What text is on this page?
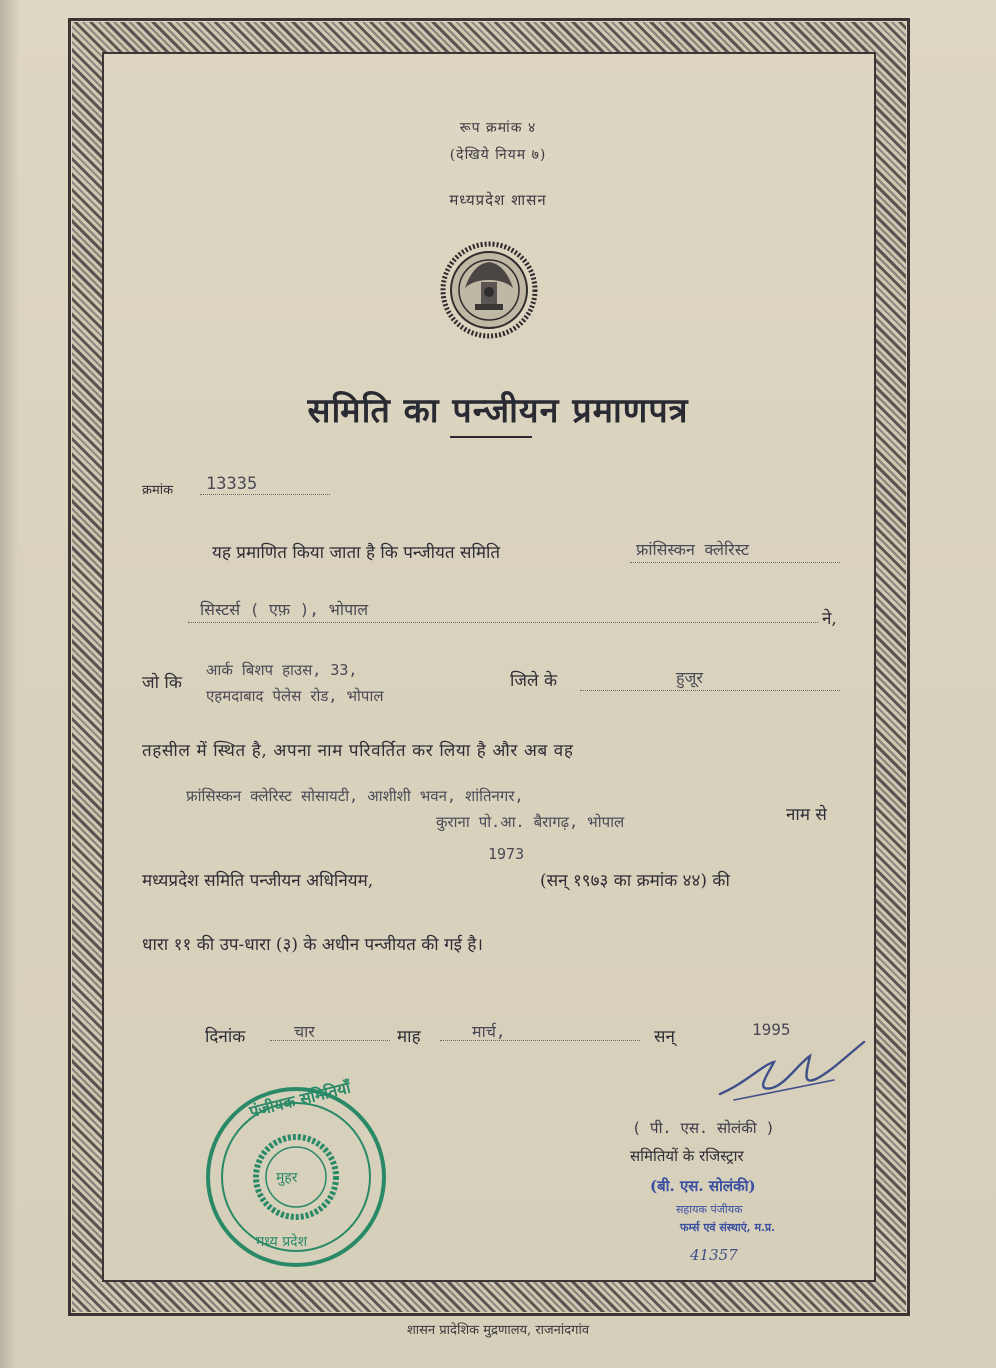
रूप क्रमांक ४
(देखिये नियम ७)
मध्यप्रदेश शासन
समिति का पन्जीयन प्रमाणपत्र
क्रमांक 13335
यह प्रमाणित किया जाता है कि पन्जीयत समिति	फ्रांसिस्कन क्लेरिस्ट
सिस्टर्स ( एफ़ ), भोपाल	ने,
जो कि
आर्क बिशप हाउस, 33,
एहमदाबाद पेलेस रोड, भोपाल
जिले के	हुजूर
तहसील में स्थित है, अपना नाम परिवर्तित कर लिया है और अब वह
फ्रांसिस्कन क्लेरिस्ट सोसायटी, आशीशी भवन, शांतिनगर,
कुराना पो.आ. बैरागढ़, भोपाल	नाम से
1973
मध्यप्रदेश समिति पन्जीयन अधिनियम,	(सन् १९७३ का क्रमांक ४४) की
धारा ११ की उप-धारा (३) के अधीन पन्जीयत की गई है।
दिनांक	चार	माह	मार्च,	सन्	1995
( पी. एस. सोलंकी )
समितियों के रजिस्ट्रार
(बी. एस. सोलंकी)
सहायक पंजीयक
फर्म्स एवं संस्थाएं, म.प्र.
41357
पंजीयक समितियाँ
मुहर
मध्य प्रदेश
शासन प्रादेशिक मुद्रणालय, राजनांदगांव
